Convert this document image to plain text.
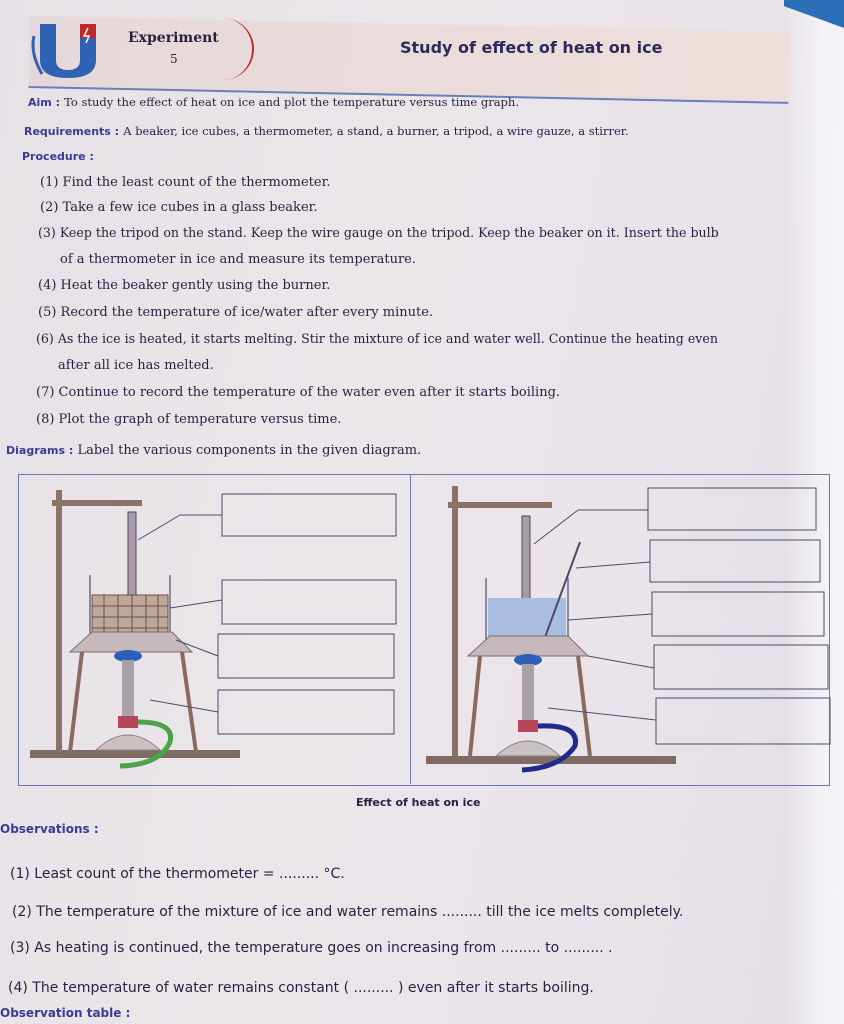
Experiment
5
Study of effect of heat on ice
Aim : To study the effect of heat on ice and plot the temperature versus time graph.
Requirements : A beaker, ice cubes, a thermometer, a stand, a burner, a tripod, a wire gauze, a stirrer.
Procedure :
(1) Find the least count of the thermometer.
(2) Take a few ice cubes in a glass beaker.
(3) Keep the tripod on the stand. Keep the wire gauge on the tripod. Keep the beaker on it. Insert the bulb
of a thermometer in ice and measure its temperature.
(4) Heat the beaker gently using the burner.
(5) Record the temperature of ice/water after every minute.
(6) As the ice is heated, it starts melting. Stir the mixture of ice and water well. Continue the heating even
after all ice has melted.
(7) Continue to record the temperature of the water even after it starts boiling.
(8) Plot the graph of temperature versus time.
Diagrams : Label the various components in the given diagram.
Effect of heat on ice
Observations :
(1) Least count of the thermometer = ......... °C.
(2) The temperature of the mixture of ice and water remains ......... till the ice melts completely.
(3) As heating is continued, the temperature goes on increasing from ......... to ......... .
(4) The temperature of water remains constant ( ......... ) even after it starts boiling.
Observation table :
